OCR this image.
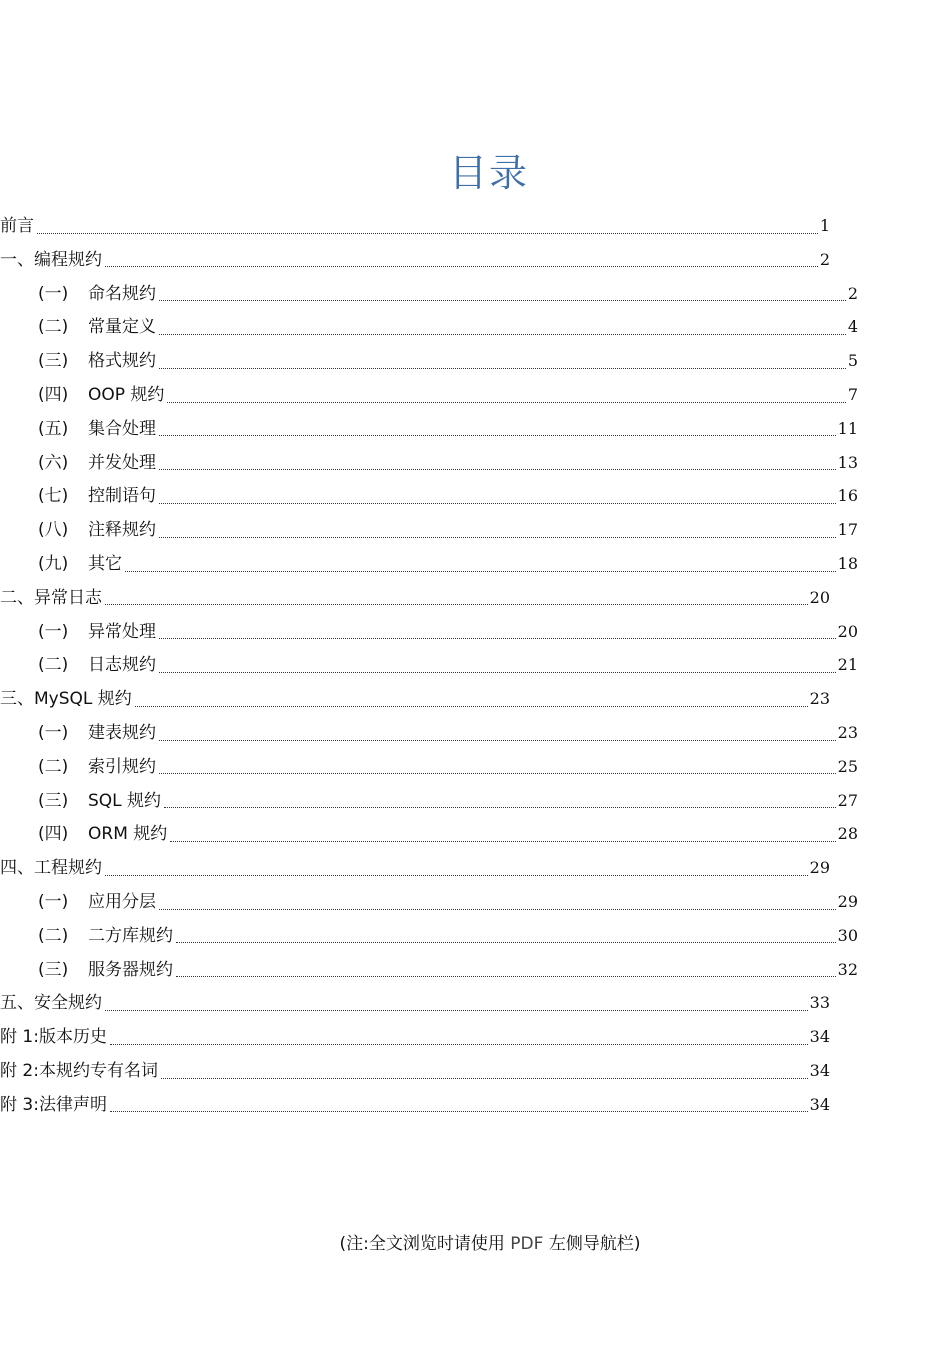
目录
前言	1
一、 编程规约	2
(一)	命名规约	2
(二)	常量定义	4
(三)	格式规约	5
(四)	OOP 规约	7
(五)	集合处理	11
(六)	并发处理	13
(七)	控制语句	16
(八)	注释规约	17
(九)	其它	18
二、 异常日志	20
(一)	异常处理	20
(二)	日志规约	21
三、 MySQL 规约	23
(一)	建表规约	23
(二)	索引规约	25
(三)	SQL 规约	27
(四)	ORM 规约	28
四、 工程规约	29
(一)	应用分层	29
(二)	二方库规约	30
(三)	服务器规约	32
五、 安全规约	33
附 1: 版本历史	34
附 2: 本规约专有名词	34
附 3: 法律声明	34
(注:全文浏览时请使用 PDF 左侧导航栏)
